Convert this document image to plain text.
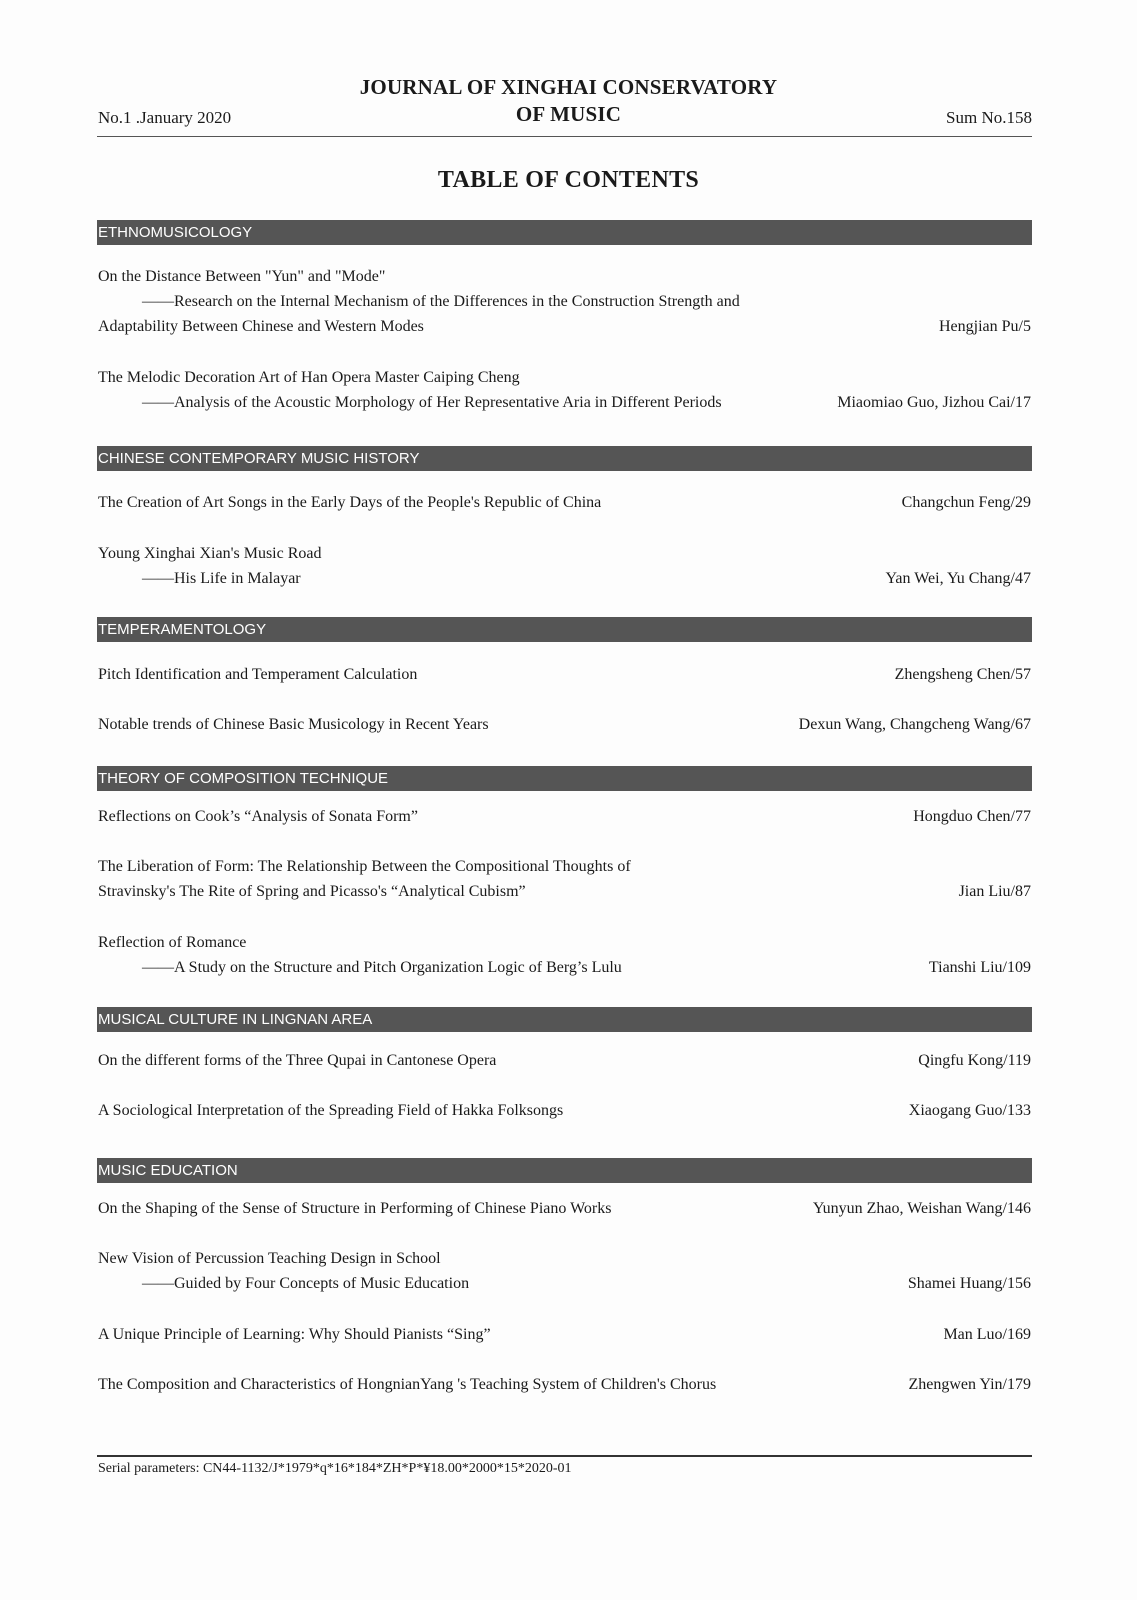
No.1 .January 2020
JOURNAL OF XINGHAI CONSERVATORY
OF MUSIC	Sum No.158
TABLE OF CONTENTS
ETHNOMUSICOLOGY
On the Distance Between "Yun" and "Mode"
——Research on the Internal Mechanism of the Differences in the Construction Strength and
Adaptability Between Chinese and Western Modes	Hengjian Pu/5
The Melodic Decoration Art of Han Opera Master Caiping Cheng
——Analysis of the Acoustic Morphology of Her Representative Aria in Different Periods	Miaomiao Guo, Jizhou Cai/17
CHINESE CONTEMPORARY MUSIC HISTORY
The Creation of Art Songs in the Early Days of the People's Republic of China	Changchun Feng/29
Young Xinghai Xian's Music Road
——His Life in Malayar	Yan Wei, Yu Chang/47
TEMPERAMENTOLOGY
Pitch Identification and Temperament Calculation	Zhengsheng Chen/57
Notable trends of Chinese Basic Musicology in Recent Years	Dexun Wang, Changcheng Wang/67
THEORY OF COMPOSITION TECHNIQUE
Reflections on Cook’s “Analysis of Sonata Form”	Hongduo Chen/77
The Liberation of Form: The Relationship Between the Compositional Thoughts of
Stravinsky's The Rite of Spring and Picasso's “Analytical Cubism”	Jian Liu/87
Reflection of Romance
——A Study on the Structure and Pitch Organization Logic of Berg’s Lulu	Tianshi Liu/109
MUSICAL CULTURE IN LINGNAN AREA
On the different forms of the Three Qupai in Cantonese Opera	Qingfu Kong/119
A Sociological Interpretation of the Spreading Field of Hakka Folksongs	Xiaogang Guo/133
MUSIC EDUCATION
On the Shaping of the Sense of Structure in Performing of Chinese Piano Works	Yunyun Zhao, Weishan Wang/146
New Vision of Percussion Teaching Design in School
——Guided by Four Concepts of Music Education	Shamei Huang/156
A Unique Principle of Learning: Why Should Pianists “Sing”	Man Luo/169
The Composition and Characteristics of HongnianYang 's Teaching System of Children's Chorus	Zhengwen Yin/179
Serial parameters: CN44-1132/J*1979*q*16*184*ZH*P*¥18.00*2000*15*2020-01
